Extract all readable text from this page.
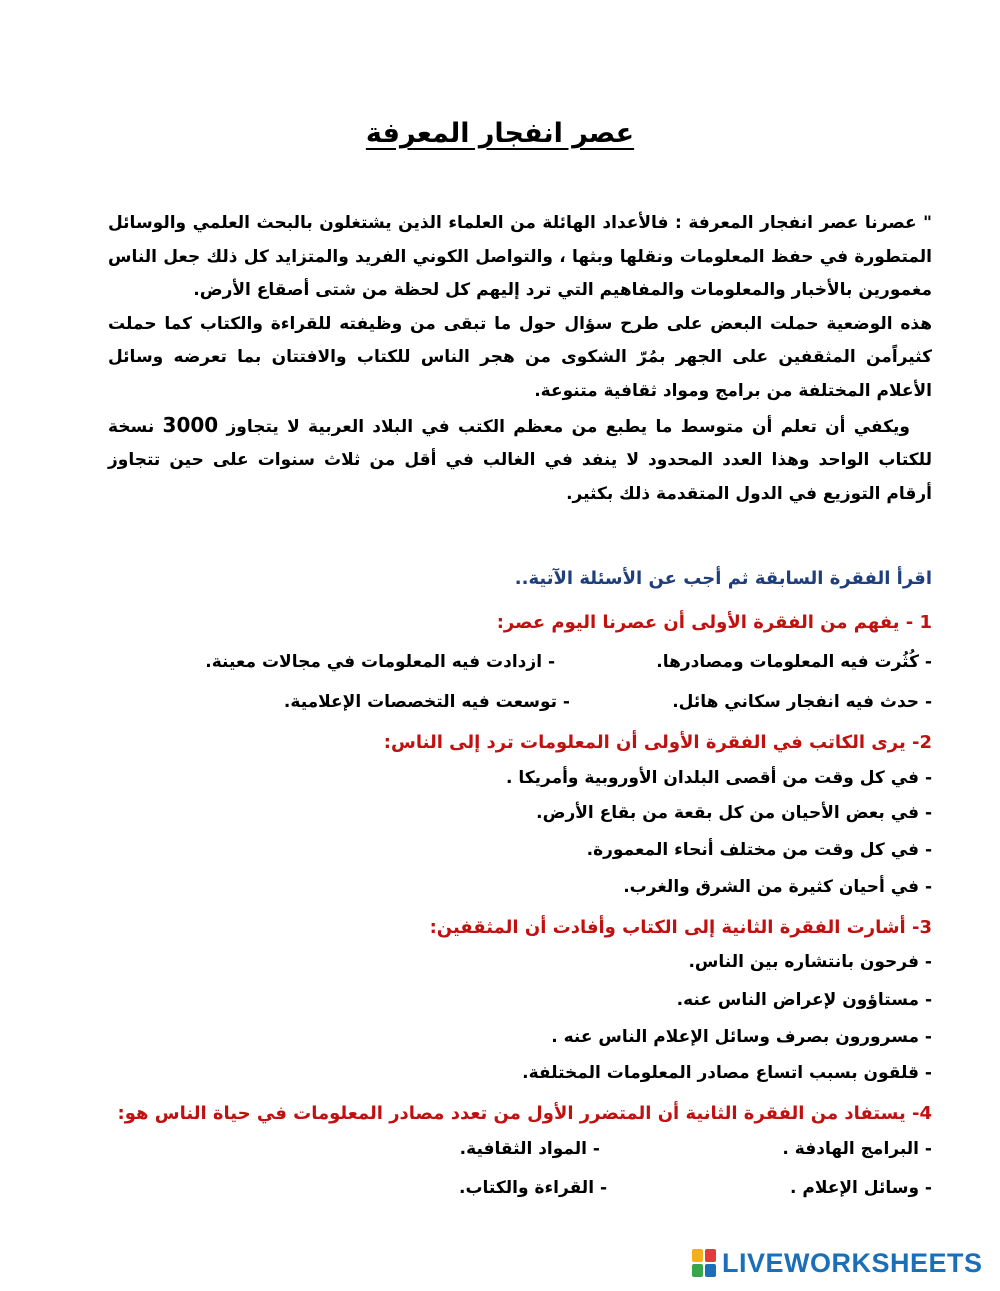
عصر انفجار المعرفة

" عصرنا عصر انفجار المعرفة : فالأعداد الهائلة من العلماء الذين يشتغلون بالبحث العلمي والوسائل المتطورة في حفظ المعلومات ونقلها وبثها ، والتواصل الكوني الفريد والمتزايد كل ذلك جعل الناس مغمورين بالأخبار والمعلومات والمفاهيم التي ترد إليهم كل لحظة من شتى أصقاع الأرض.

هذه الوضعية حملت البعض على طرح سؤال حول ما تبقى من وظيفته للقراءة والكتاب كما حملت كثيراًمن المثقفين على الجهر بمُرّ الشكوى من هجر الناس للكتاب والافتتان بما تعرضه وسائل الأعلام المختلفة من برامج ومواد ثقافية متنوعة.

ويكفي أن تعلم أن متوسط ما يطبع من معظم الكتب في البلاد العربية لا يتجاوز 3000 نسخة للكتاب الواحد وهذا العدد المحدود لا ينفد في الغالب في أقل من ثلاث سنوات على حين تتجاوز أرقام التوزيع في الدول المتقدمة ذلك بكثير.

اقرأ الفقرة السابقة ثم أجب عن الأسئلة الآتية..
1 - يفهم من الفقرة الأولى أن عصرنا اليوم عصر:
- كُثُرت فيه المعلومات ومصادرها.
- ازدادت فيه المعلومات في مجالات معينة.
- حدث فيه انفجار سكاني هائل.
- توسعت فيه التخصصات الإعلامية.
2- يرى الكاتب في الفقرة الأولى أن المعلومات ترد إلى الناس:
- في كل وقت من أقصى البلدان الأوروبية وأمريكا .
- في بعض الأحيان من كل بقعة من بقاع الأرض.
- في كل وقت من مختلف أنحاء المعمورة.
- في أحيان كثيرة من الشرق والغرب.
3- أشارت الفقرة الثانية إلى الكتاب وأفادت أن المثقفين:
- فرحون بانتشاره بين الناس.
- مستاؤون لإعراض الناس عنه.
- مسرورون بصرف وسائل الإعلام الناس عنه .
- قلقون بسبب اتساع مصادر المعلومات المختلفة.
4- يستفاد من الفقرة الثانية أن المتضرر الأول من تعدد مصادر المعلومات في حياة الناس هو:
- البرامج الهادفة .
- المواد الثقافية.
- وسائل الإعلام .
- القراءة والكتاب.
LIVEWORKSHEETS
